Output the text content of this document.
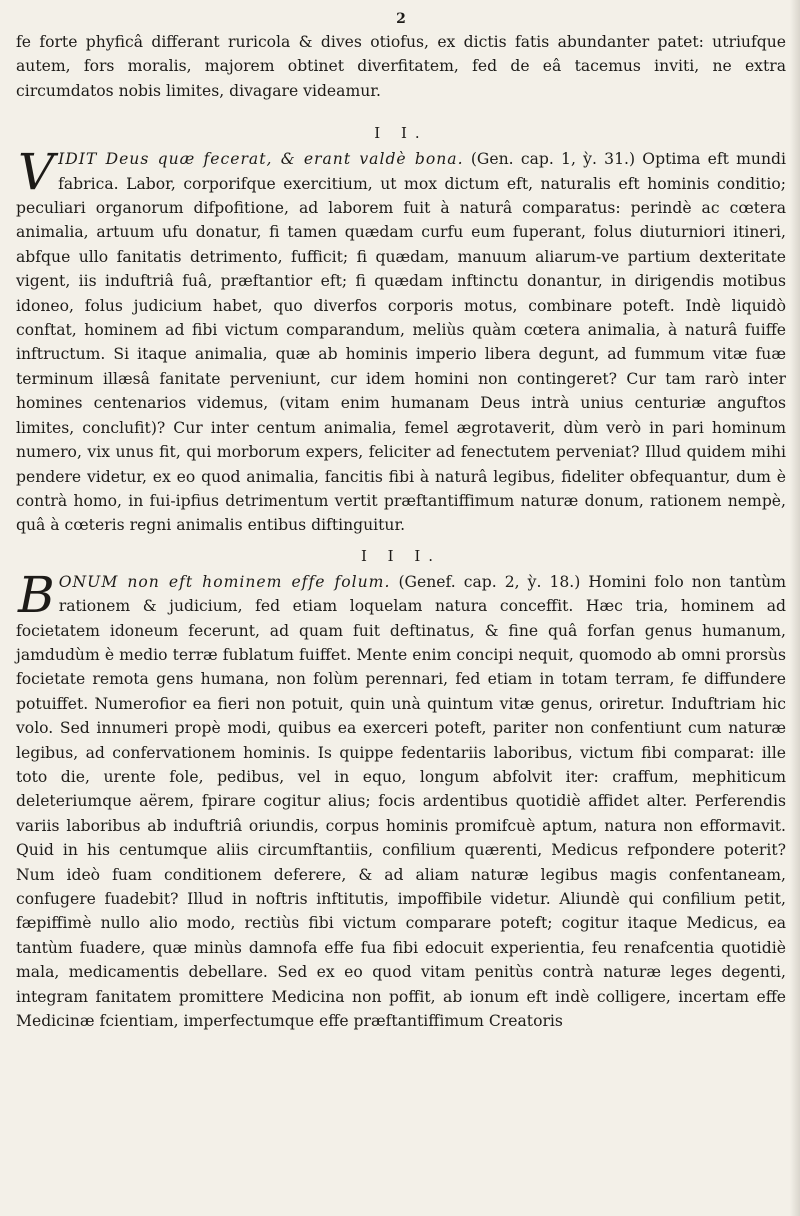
2

fe forte phyficâ differant ruricola & dives otiofus, ex dictis fatis abundanter patet: utriufque autem, fors moralis, majorem obtinet diverfitatem, fed de eâ tacemus inviti, ne extra circumdatos nobis limites, divagare videamur.

I I.

VIDIT Deus quæ fecerat, & erant valdè bona. (Gen. cap. 1, ỳ. 31.) Optima eft mundi fabrica. Labor, corporifque exercitium, ut mox dictum eft, naturalis eft hominis conditio; peculiari organorum difpofitione, ad laborem fuit à naturâ comparatus: perindè ac cœtera animalia, artuum ufu donatur, fi tamen quædam curfu eum fuperant, folus diuturniori itineri, abfque ullo fanitatis detrimento, fufficit; fi quædam, manuum aliarum-ve partium dexteritate vigent, iis induftriâ fuâ, præftantior eft; fi quædam inftinctu donantur, in dirigendis motibus idoneo, folus judicium habet, quo diverfos corporis motus, combinare poteft. Indè liquidò conftat, hominem ad fibi victum comparandum, meliùs quàm cœtera animalia, à naturâ fuiffe inftructum. Si itaque animalia, quæ ab hominis imperio libera degunt, ad fummum vitæ fuæ terminum illæsâ fanitate perveniunt, cur idem homini non contingeret? Cur tam rarò inter homines centenarios videmus, (vitam enim humanam Deus intrà unius centuriæ anguftos limites, conclufit)? Cur inter centum animalia, femel ægrotaverit, dùm verò in pari hominum numero, vix unus fit, qui morborum expers, feliciter ad fenectutem perveniat? Illud quidem mihi pendere videtur, ex eo quod animalia, fancitis fibi à naturâ legibus, fideliter obfequantur, dum è contrà homo, in fui-ipfius detrimentum vertit præftantiffimum naturæ donum, rationem nempè, quâ à cœteris regni animalis entibus diftinguitur.

I I I.

BONUM non eft hominem effe folum. (Genef. cap. 2, ỳ. 18.) Homini folo non tantùm rationem & judicium, fed etiam loquelam natura conceffit. Hæc tria, hominem ad focietatem idoneum fecerunt, ad quam fuit deftinatus, & fine quâ forfan genus humanum, jamdudùm è medio terræ fublatum fuiffet. Mente enim concipi nequit, quomodo ab omni prorsùs focietate remota gens humana, non folùm perennari, fed etiam in totam terram, fe diffundere potuiffet. Numerofior ea fieri non potuit, quin unà quintum vitæ genus, oriretur. Induftriam hic volo. Sed innumeri propè modi, quibus ea exerceri poteft, pariter non confentiunt cum naturæ legibus, ad confervationem hominis. Is quippe fedentariis laboribus, victum fibi comparat: ille toto die, urente fole, pedibus, vel in equo, longum abfolvit iter: craffum, mephiticum deleteriumque aërem, fpirare cogitur alius; focis ardentibus quotidiè affidet alter. Perferendis variis laboribus ab induftriâ oriundis, corpus hominis promifcuè aptum, natura non efformavit. Quid in his centumque aliis circumftantiis, confilium quærenti, Medicus refpondere poterit? Num ideò fuam conditionem deferere, & ad aliam naturæ legibus magis confentaneam, confugere fuadebit? Illud in noftris inftitutis, impoffibile videtur. Aliundè qui confilium petit, fæpiffimè nullo alio modo, rectiùs fibi victum comparare poteft; cogitur itaque Medicus, ea tantùm fuadere, quæ minùs damnofa effe fua fibi edocuit experientia, feu renafcentia quotidiè mala, medicamentis debellare. Sed ex eo quod vitam penitùs contrà naturæ leges degenti, integram fanitatem promittere Medicina non poffit, ab ionum eft indè colligere, incertam effe Medicinæ fcientiam, imperfectumque effe præftantiffimum Creatoris
